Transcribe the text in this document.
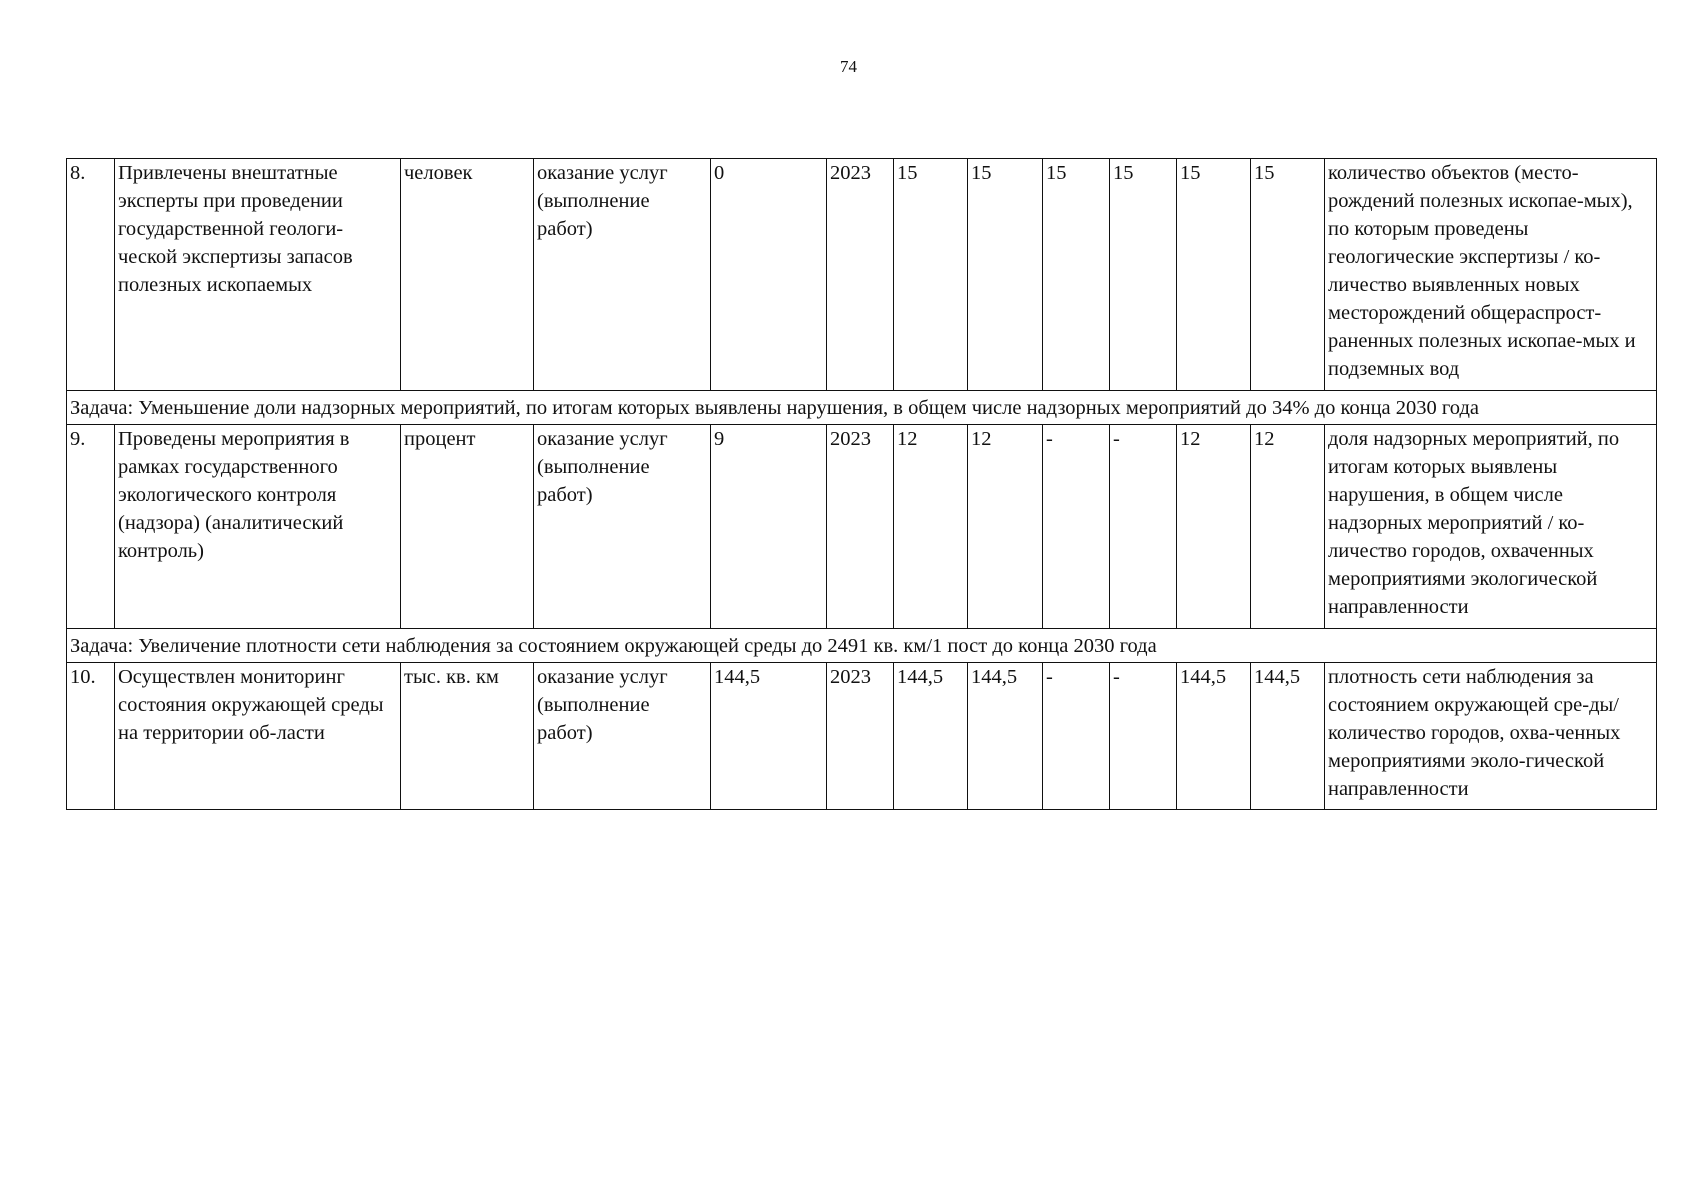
74
8.	Привлечены внештатные эксперты при проведении государственной геологи-ческой экспертизы запасов полезных ископаемых	человек	оказание услуг (выполнение работ)	0	2023	15	15	15	15	15	15	количество объектов (место-рождений полезных ископае-мых), по которым проведены геологические экспертизы / ко-личество выявленных новых месторождений общераспрост-раненных полезных ископае-мых и подземных вод
Задача: Уменьшение доли надзорных мероприятий, по итогам которых выявлены нарушения, в общем числе надзорных мероприятий до 34% до конца 2030 года												
9.	Проведены мероприятия в рамках государственного экологического контроля (надзора) (аналитический контроль)	процент	оказание услуг (выполнение работ)	9	2023	12	12	-	-	12	12	доля надзорных мероприятий, по итогам которых выявлены нарушения, в общем числе надзорных мероприятий / ко-личество городов, охваченных мероприятиями экологической направленности
Задача: Увеличение плотности сети наблюдения за состоянием окружающей среды до 2491 кв. км/1 пост до конца 2030 года												
10.	Осуществлен мониторинг состояния окружающей среды на территории об-ласти	тыс. кв. км	оказание услуг (выполнение работ)	144,5	2023	144,5	144,5	-	-	144,5	144,5	плотность сети наблюдения за состоянием окружающей сре-ды/количество городов, охва-ченных мероприятиями эколо-гической направленности
